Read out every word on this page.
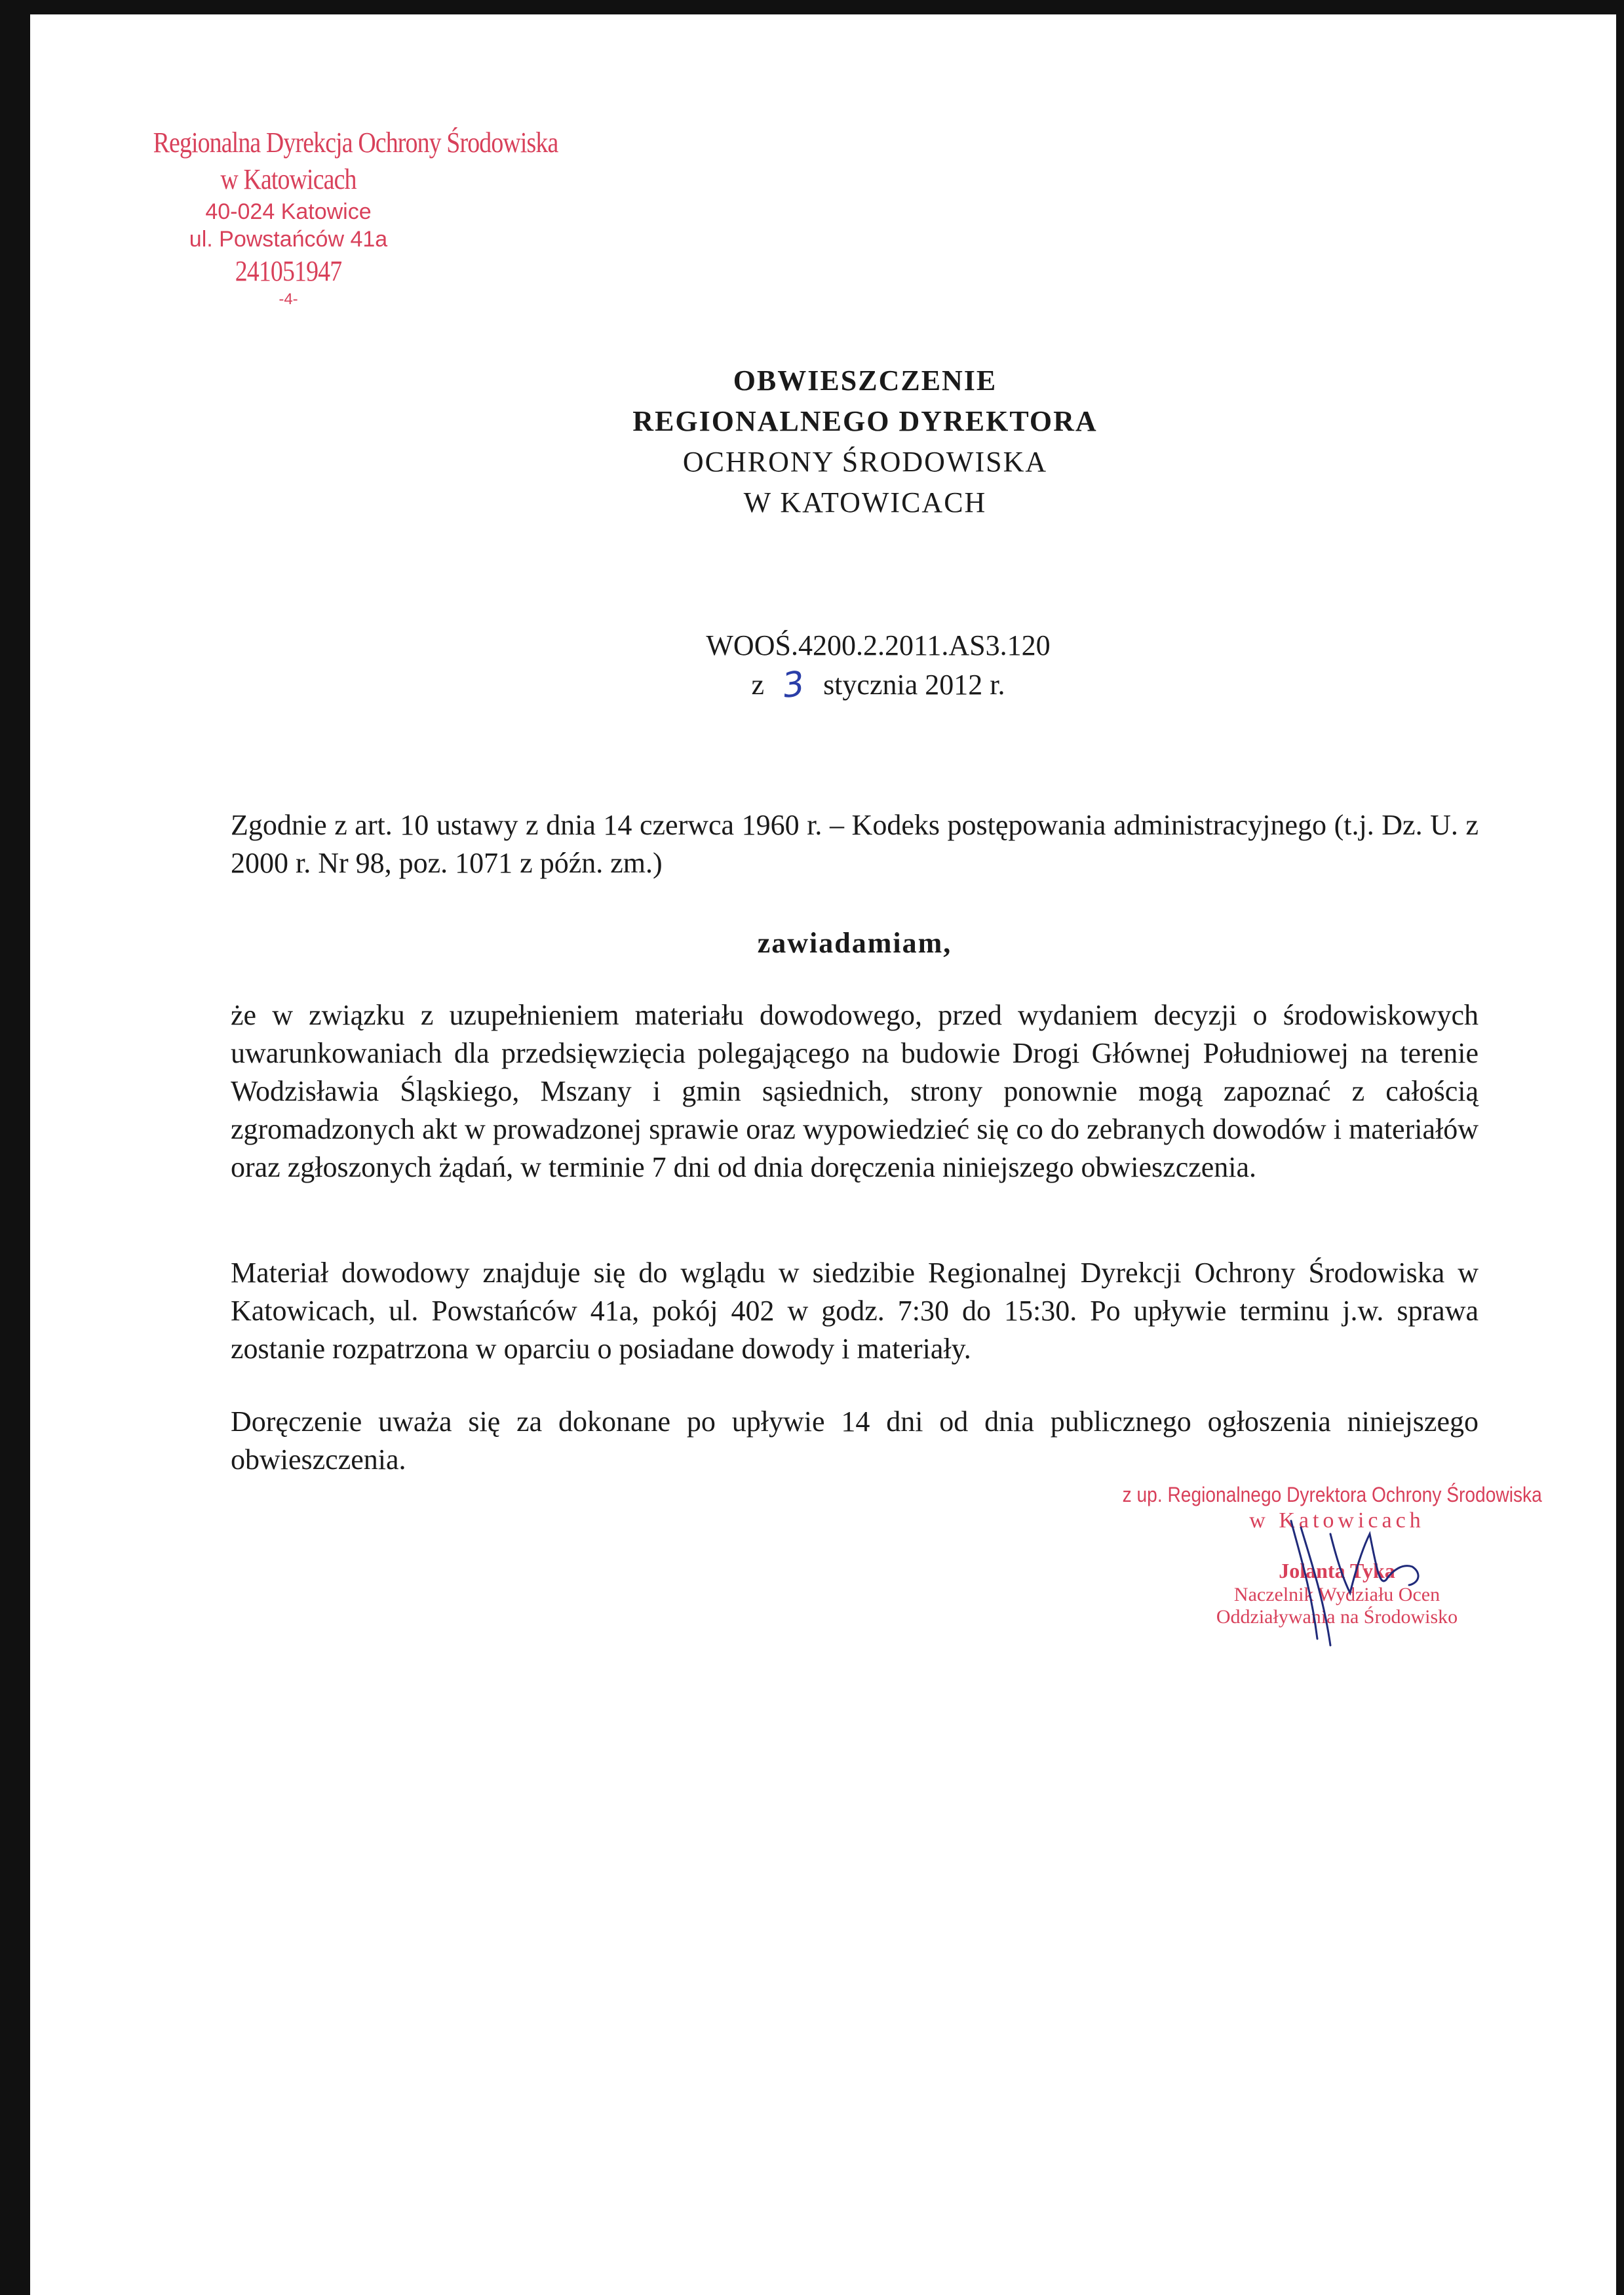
Regionalna Dyrekcja Ochrony Środowiska
w Katowicach
40-024 Katowice
ul. Powstańców 41a
241051947
-4-
OBWIESZCZENIE
REGIONALNEGO DYREKTORA
OCHRONY ŚRODOWISKA
W KATOWICACH
WOOŚ.4200.2.2011.AS3.120
z 3 stycznia 2012 r.
Zgodnie z art. 10 ustawy z dnia 14 czerwca 1960 r. – Kodeks postępowania administracyjnego (t.j. Dz. U. z 2000 r. Nr 98, poz. 1071 z późn. zm.)
zawiadamiam,
że w związku z uzupełnieniem materiału dowodowego, przed wydaniem decyzji o środowiskowych uwarunkowaniach dla przedsięwzięcia polegającego na budowie Drogi Głównej Południowej na terenie Wodzisławia Śląskiego, Mszany i gmin sąsiednich, strony ponownie mogą zapoznać z całością zgromadzonych akt w prowadzonej sprawie oraz wypowiedzieć się co do zebranych dowodów i materiałów oraz zgłoszonych żądań, w terminie 7 dni od dnia doręczenia niniejszego obwieszczenia.
Materiał dowodowy znajduje się do wglądu w siedzibie Regionalnej Dyrekcji Ochrony Środowiska w Katowicach, ul. Powstańców 41a, pokój 402 w godz. 7:30 do 15:30. Po upływie terminu j.w. sprawa zostanie rozpatrzona w oparciu o posiadane dowody i materiały.
Doręczenie uważa się za dokonane po upływie 14 dni od dnia publicznego ogłoszenia niniejszego obwieszczenia.
z up. Regionalnego Dyrektora Ochrony Środowiska
w Katowicach
Jolanta Tyka
Naczelnik Wydziału Ocen
Oddziaływania na Środowisko
